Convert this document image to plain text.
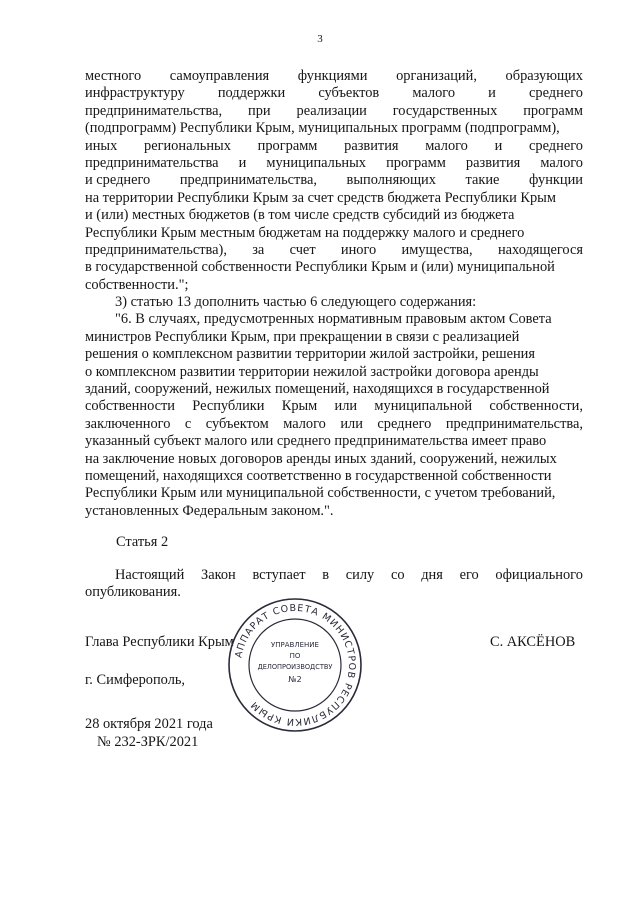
3
местного самоуправления функциями организаций, образующих
инфраструктуру поддержки субъектов малого и среднего
предпринимательства, при реализации государственных программ
(подпрограмм) Республики Крым, муниципальных программ (подпрограмм),
иных региональных программ развития малого и среднего
предпринимательства и муниципальных программ развития малого
и среднего предпринимательства, выполняющих такие функции
на территории Республики Крым за счет средств бюджета Республики Крым
и (или) местных бюджетов (в том числе средств субсидий из бюджета
Республики Крым местным бюджетам на поддержку малого и среднего
предпринимательства), за счет иного имущества, находящегося
в государственной собственности Республики Крым и (или) муниципальной
собственности.";
3) статью 13 дополнить частью 6 следующего содержания:
"6. В случаях, предусмотренных нормативным правовым актом Совета
министров Республики Крым, при прекращении в связи с реализацией
решения о комплексном развитии территории жилой застройки, решения
о комплексном развитии территории нежилой застройки договора аренды
зданий, сооружений, нежилых помещений, находящихся в государственной
собственности Республики Крым или муниципальной собственности,
заключенного с субъектом малого или среднего предпринимательства,
указанный субъект малого или среднего предпринимательства имеет право
на заключение новых договоров аренды иных зданий, сооружений, нежилых
помещений, находящихся соответственно в государственной собственности
Республики Крым или муниципальной собственности, с учетом требований,
установленных Федеральным законом.".
Статья 2
Настоящий Закон вступает в силу со дня его официального
опубликования.
Глава Республики Крым	С. АКСЁНОВ
г. Симферополь,
28 октября 2021 года
№ 232-ЗРК/2021
АППАРАТ СОВЕТА МИНИСТРОВ РЕСПУБЛИКИ КРЫМ
УПРАВЛЕНИЕ
ПО
ДЕЛОПРОИЗВОДСТВУ
№2
